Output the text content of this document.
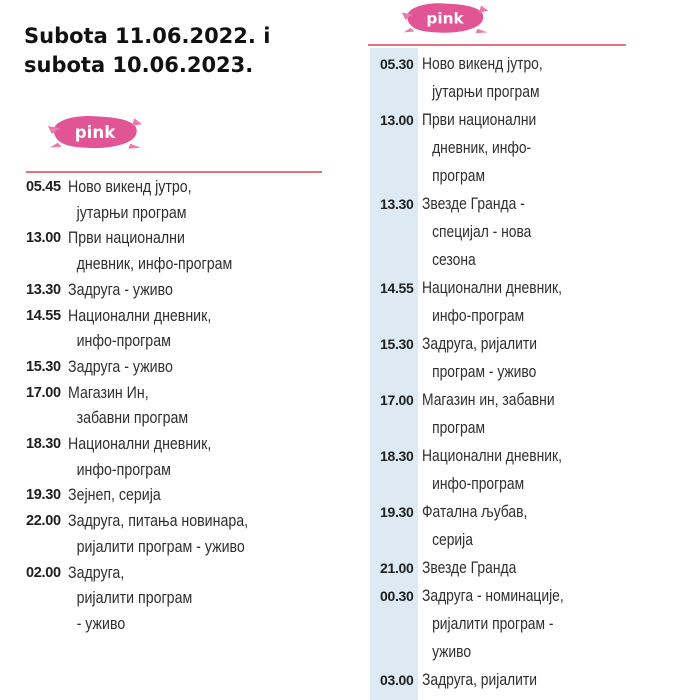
Subota 11.06.2022. i
subota 10.06.2023.
pink
pink
05.45 Ново викенд јутро,
јутарњи програм
13.00 Први национални
дневник, инфо-програм
13.30 Задруга - уживо
14.55 Национални дневник,
инфо-програм
15.30 Задруга - уживо
17.00 Магазин Ин,
забавни програм
18.30 Национални дневник,
инфо-програм
19.30 Зејнеп, серија
22.00 Задруга, питања новинара,
ријалити програм - уживо
02.00 Задруга,
ријалити програм
- уживо
05.30 Ново викенд јутро,
јутарњи програм
13.00 Први национални
дневник, инфо-
програм
13.30 Звезде Гранда -
специјал - нова
сезона
14.55 Национални дневник,
инфо-програм
15.30 Задруга, ријалити
програм - уживо
17.00 Магазин ин, забавни
програм
18.30 Национални дневник,
инфо-програм
19.30 Фатална љубав,
серија
21.00 Звезде Гранда
00.30 Задруга - номинације,
ријалити програм -
уживо
03.00 Задруга, ријалити
